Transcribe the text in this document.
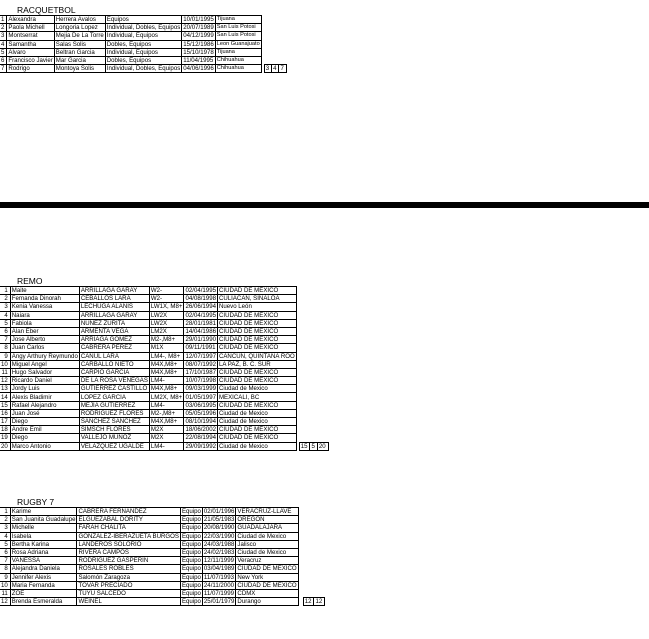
RACQUETBOL
1	Alexandra	Herrera Avalos	Equipos	10/01/1995	Tijuana				
2	Paola Michell	Longoria Lopez	Individual, Dobles, Equipos	20/07/1989	San Luis Potosi				
3	Montserrat	Mejia De La Torre	Individual, Equipos	04/12/1999	San Luis Potosi				
4	Samantha	Salas Solis	Dobles, Equipos	15/12/1986	Leon Guanajuato				
5	Alvaro	Beltran Garcia	Individual, Equipos	15/10/1978	Tijuana				
6	Francisco Javier	Mar Garcia	Dobles, Equipos	11/04/1995	Chihuahua				
7	Rodrigo	Montoya Solis	Individual, Dobles, Equipos	04/06/1996	Chihuahua		3	4	7
REMO
1	Maite	ARRILLAGA GARAY	W2-	02/04/1995	CIUDAD DE MÉXICO				
2	Fernanda Dinorah	CEBALLOS LARA	W2-	04/08/1998	CULIACAN, SINALOA				
3	Kenia Vanessa	LECHUGA ALANIS	LW1X, M8+	26/06/1994	Nuevo León				
4	Naiara	ARRILLAGA GARAY	LW2X	02/04/1995	CIUDAD DE MÉXICO				
5	Fabiola	NUÑEZ ZURITA	LW2X	28/01/1981	CIUDAD DE MEXICO				
6	Alan Eber	ARMENTA VEGA	LM2X	14/04/1986	CIUDAD DE MEXICO				
7	Jose Alberto	ARRIAGA GOMEZ	M2-,M8+	29/01/1990	CIUDAD DE MEXICO				
8	Juan Carlos	CABRERA PEREZ	M1X	09/11/1991	CIUDAD DE MEXICO				
9	Angy Arthury Reymundo	CANUL LARA	LM4-, M8+	12/07/1997	CANCUN, QUINTANA ROO				
10	Miguel Angel	CARBALLO NIETO	M4X,M8+	08/07/1992	LA PAZ, B. C. SUR				
11	Hugo Salvador	CARPIO GARCIA	M4X,M8+	17/10/1987	CIUDAD DE MEXICO				
12	Ricardo Daniel	DE LA ROSA VENEGAS	LM4-	10/07/1998	CIUDAD DE MEXICO				
13	Jordy Luis	GUTIERREZ CASTILLO	M4X,M8+	09/03/1999	Ciudad de Mexico				
14	Alexis Bladimir	LOPEZ GARCIA	LM2X, M8+	01/05/1997	MEXICALI, BC				
15	Rafael Alejandro	MEJIA GUTIERREZ	LM4-	03/06/1995	CIUDAD DE MEXICO				
16	Juan José	RODRIGUEZ FLORES	M2-,M8+	05/05/1996	Ciudad de Mexico				
17	Diego	SANCHEZ SANCHEZ	M4X,M8+	08/10/1994	Ciudad de Mexico				
18	Andre Emil	SIMSCH FLORES	M2X	18/06/2002	CIUDAD DE MÉXICO				
19	Diego	VALLEJO MUÑOZ	M2X	22/08/1994	CIUDAD DE MÉXICO				
20	Marco Antonio	VELAZQUEZ UGALDE	LM4-	29/09/1992	Ciudad de Mexico		15	5	20
RUGBY 7
1	Karime	CABRERA FERNANDEZ	Equipo	02/01/1996	VERACRUZ-LLAVE				
2	San Juanita Guadalupe	ELGUEZABAL DORITY	Equipo	21/05/1983	OREGON				
3	Michelle	FARAH CHALITA	Equipo	20/08/1990	GUADALAJARA				
4	Isabela	GONZALEZ-IBERAZUETA BURGOS	Equipo	22/03/1990	Ciudad de Mexico				
5	Bertha Karina	LANDEROS SOLORIO	Equipo	24/03/1988	Jalisco				
6	Rosa Adriana	RIVERA CAMPOS	Equipo	24/02/1983	Ciudad de Mexico				
7	VANESSA	RODRIGUEZ GASPERIN	Equipo	12/11/1999	Veracruz				
8	Alejandra Daniela	ROSALES ROBLES	Equipo	03/04/1989	CIUDAD DE MEXICO				
9	Jennifer Alexis	Salomón Zaragoza	Equipo	11/07/1993	New York				
10	Maria Fernanda	TOVAR PRECIADO	Equipo	24/11/2000	CIUDAD DE MEXICO				
11	ZOE	TUYU SALCEDO	Equipo	11/07/1999	CDMX				
12	Brenda Esmeralda	WEINEL	Equipo	25/01/1979	Durango			12	12
